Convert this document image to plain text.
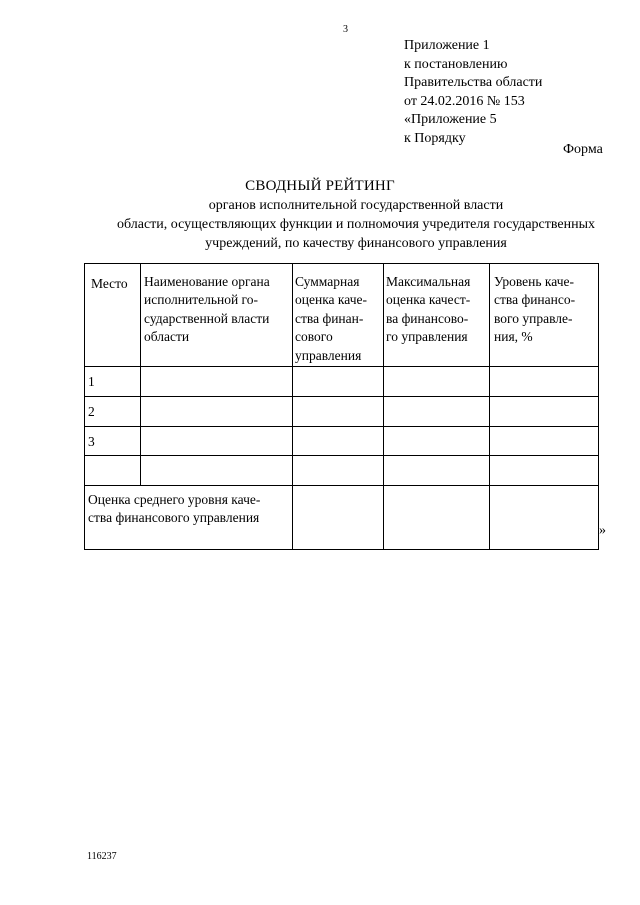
3
Приложение 1
к постановлению
Правительства области
от 24.02.2016 № 153
«Приложение 5
к Порядку
Форма
СВОДНЫЙ РЕЙТИНГ
органов исполнительной государственной власти
области, осуществляющих функции и полномочия учредителя государственных
учреждений, по качеству финансового управления
Место Наименование органа
исполнительной го-
сударственной власти
области
Суммарная
оценка каче-
ства финан-
сового
управления
Максимальная
оценка качест-
ва финансово-
го управления
Уровень каче-
ства финансо-
вого управле-
ния, %
1
2
3
Оценка среднего уровня каче-
ства финансового управления
»
116237
